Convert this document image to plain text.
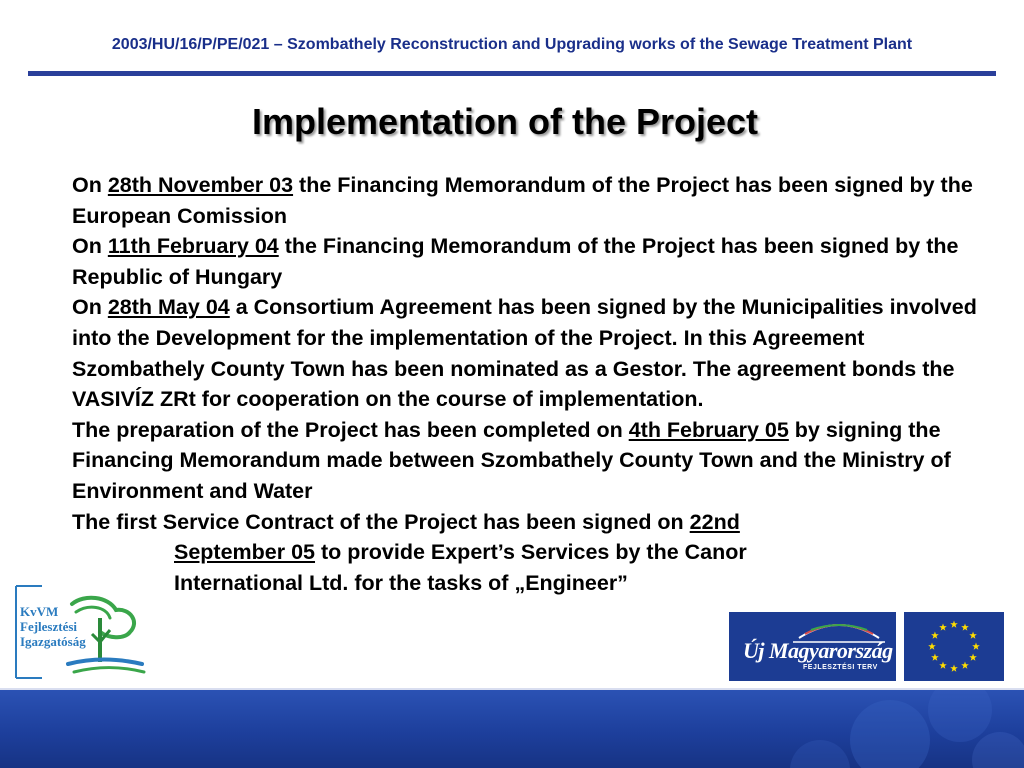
2003/HU/16/P/PE/021 – Szombathely Reconstruction and Upgrading works of the Sewage Treatment Plant
Implementation of the Project

On 28th November 03 the Financing Memorandum of the Project has been signed by the European Comission

On 11th February 04 the Financing Memorandum of the Project has been signed by the Republic of Hungary

On 28th May 04 a Consortium Agreement has been signed by the Municipalities involved into the Development for the implementation of the Project. In this Agreement Szombathely County Town has been nominated as a Gestor. The agreement bonds the VASIVÍZ ZRt for cooperation on the course of implementation.

The preparation of the Project has been completed on 4th February 05 by signing the Financing Memorandum made between Szombathely County Town and the Ministry of Environment and Water

The first Service Contract of the Project has been signed on 22nd

September 05 to provide Expert’s Services by the Canor

International Ltd. for the tasks of „Engineer”

KvVM
Fejlesztési
Igazgatóság	Új Magyarország
FEJLESZTÉSI TERV
